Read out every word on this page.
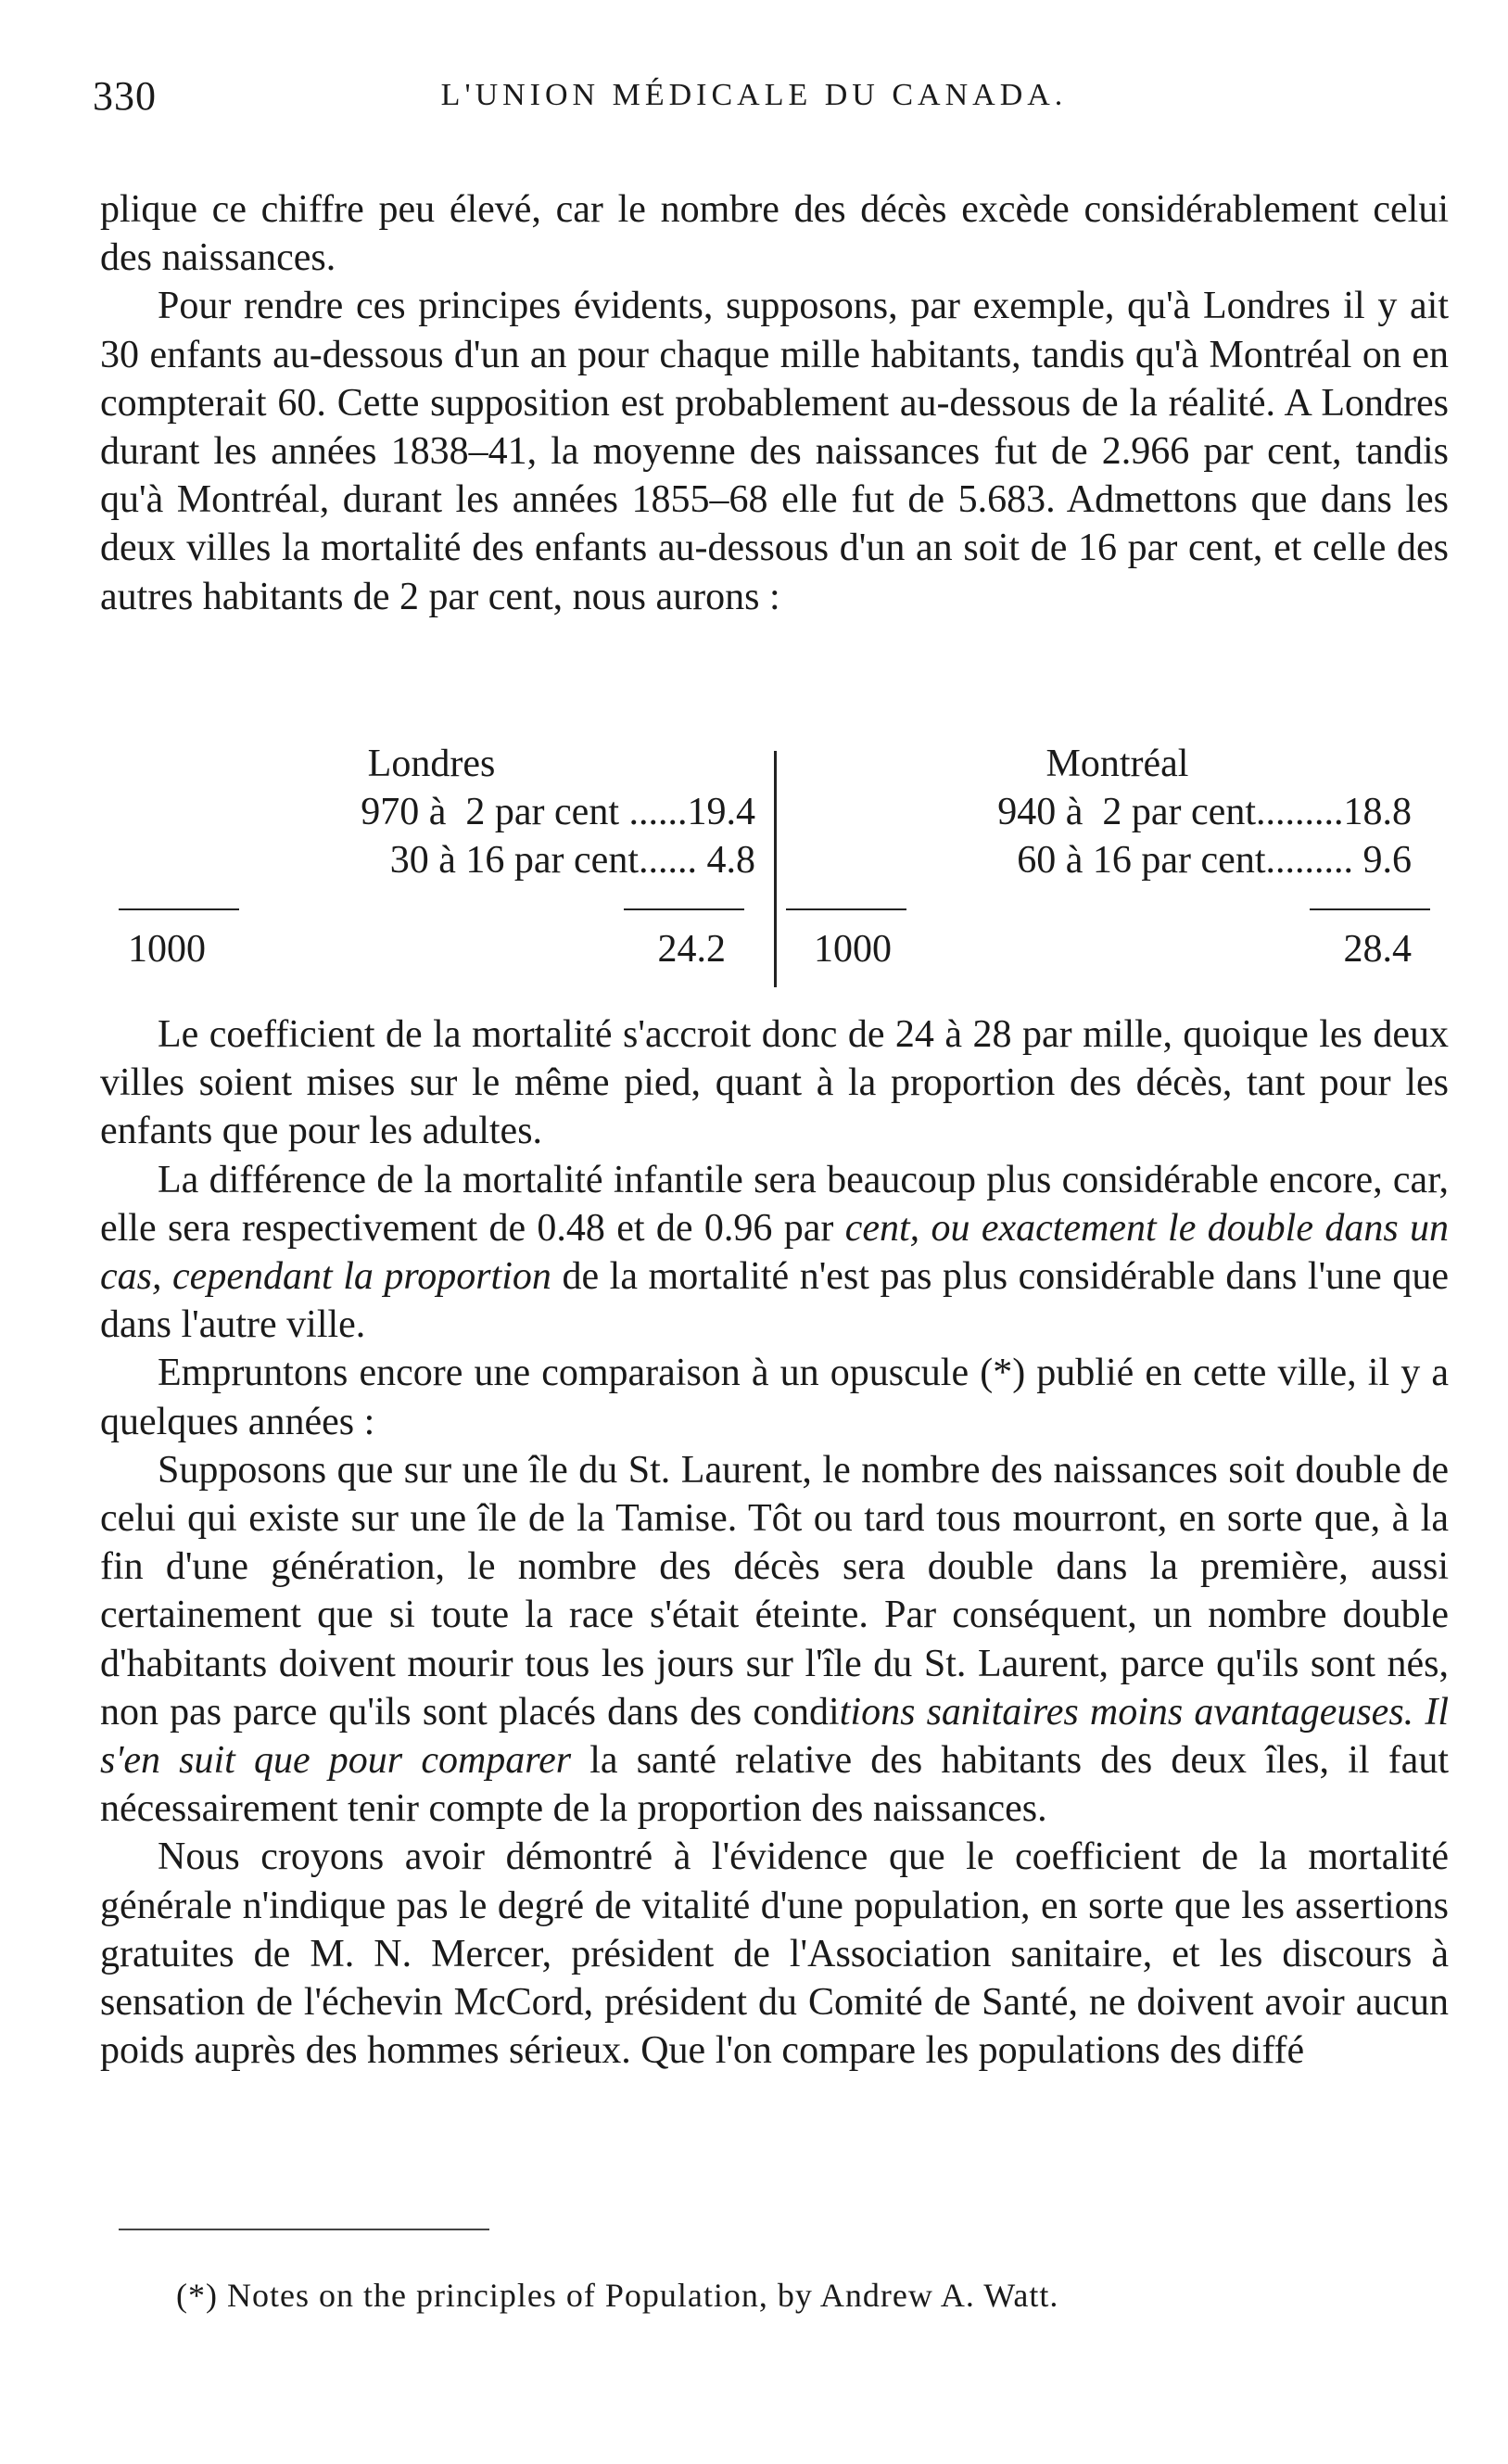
330	L'UNION MÉDICALE DU CANADA.

plique ce chiffre peu élevé, car le nombre des décès excède considérablement celui des naissances.

Pour rendre ces principes évidents, supposons, par exemple, qu'à Londres il y ait 30 enfants au-dessous d'un an pour chaque mille habitants, tandis qu'à Montréal on en compterait 60. Cette supposition est probablement au-dessous de la réalité. A Londres durant les années 1838–41, la moyenne des naissances fut de 2.966 par cent, tandis qu'à Montréal, durant les années 1855–68 elle fut de 5.683. Admettons que dans les deux villes la mortalité des enfants au-dessous d'un an soit de 16 par cent, et celle des autres habitants de 2 par cent, nous aurons :

Londres
970 à  2 par cent ......19.4
30 à 16 par cent...... 4.8
1000	24.2
Montréal
940 à  2 par cent.........18.8
60 à 16 par cent......... 9.6
1000	28.4

Le coefficient de la mortalité s'accroit donc de 24 à 28 par mille, quoique les deux villes soient mises sur le même pied, quant à la proportion des décès, tant pour les enfants que pour les adultes.

La différence de la mortalité infantile sera beaucoup plus considérable encore, car, elle sera respectivement de 0.48 et de 0.96 par cent, ou exactement le double dans un cas, cependant la proportion de la mortalité n'est pas plus considérable dans l'une que dans l'autre ville.

Empruntons encore une comparaison à un opuscule (*) publié en cette ville, il y a quelques années :

Supposons que sur une île du St. Laurent, le nombre des naissances soit double de celui qui existe sur une île de la Tamise. Tôt ou tard tous mourront, en sorte que, à la fin d'une génération, le nombre des décès sera double dans la première, aussi certainement que si toute la race s'était éteinte. Par conséquent, un nombre double d'habitants doivent mourir tous les jours sur l'île du St. Laurent, parce qu'ils sont nés, non pas parce qu'ils sont placés dans des conditions sanitaires moins avantageuses. Il s'en suit que pour comparer la santé relative des habitants des deux îles, il faut nécessairement tenir compte de la proportion des naissances.

Nous croyons avoir démontré à l'évidence que le coefficient de la mortalité générale n'indique pas le degré de vitalité d'une population, en sorte que les assertions gratuites de M. N. Mercer, président de l'Association sanitaire, et les discours à sensation de l'échevin McCord, président du Comité de Santé, ne doivent avoir aucun poids auprès des hommes sérieux. Que l'on compare les populations des diffé

(*) Notes on the principles of Population, by Andrew A. Watt.
